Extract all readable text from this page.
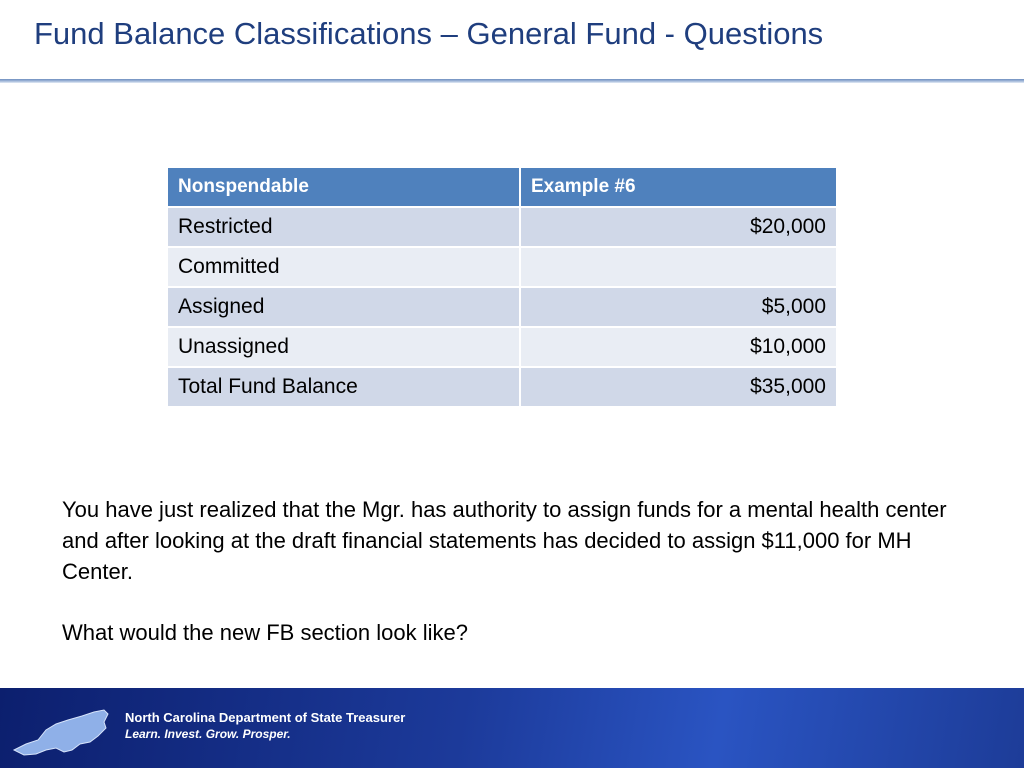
Fund Balance Classifications – General Fund - Questions
Nonspendable	Example #6
Restricted	$20,000
Committed	
Assigned	$5,000
Unassigned	$10,000
Total Fund Balance	$35,000
You have just realized that the Mgr. has authority to assign funds for a mental health center and after looking at the draft financial statements has decided to assign $11,000 for MH Center.
What would the new FB section look like?
North Carolina Department of State Treasurer
Learn. Invest. Grow. Prosper.
